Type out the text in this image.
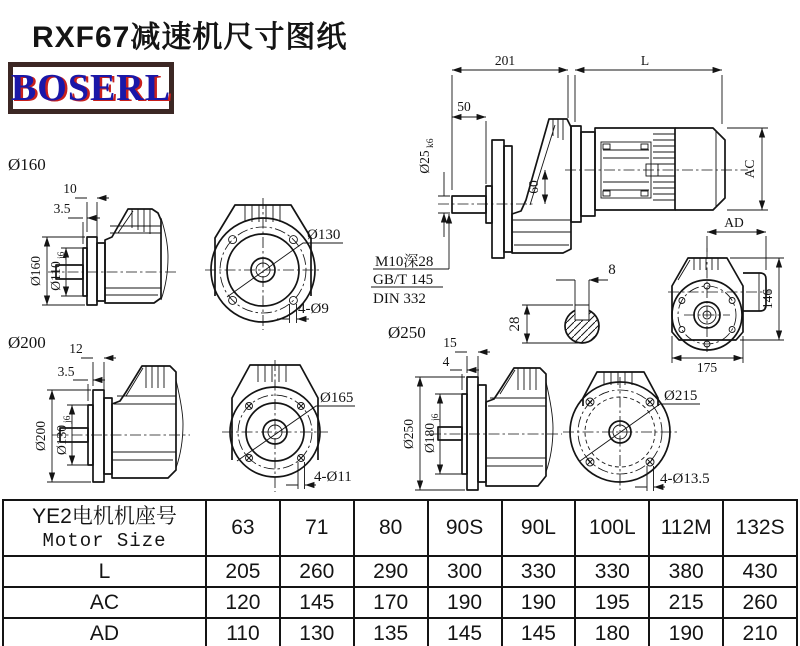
RXF67减速机尺寸图纸
BOSERL
201	L
50
Ø25
k6
60
AC
M10深28
GB/T 145
DIN 332
8
28
Ø160
10
3.5
Ø160 Ø110
j6
Ø130
4-Ø9
Ø200 12
3.5
Ø200 Ø130
j6
Ø165
4-Ø11
Ø250
15
4
Ø250 Ø180
j6
AD
146
175
Ø215
4-Ø13.5
YE2电机机座号
Motor Size	63	71	80	90S	90L	100L	112M	132S
L	205	260	290	300	330	330	380	430
AC	120	145	170	190	190	195	215	260
AD	110	130	135	145	145	180	190	210
